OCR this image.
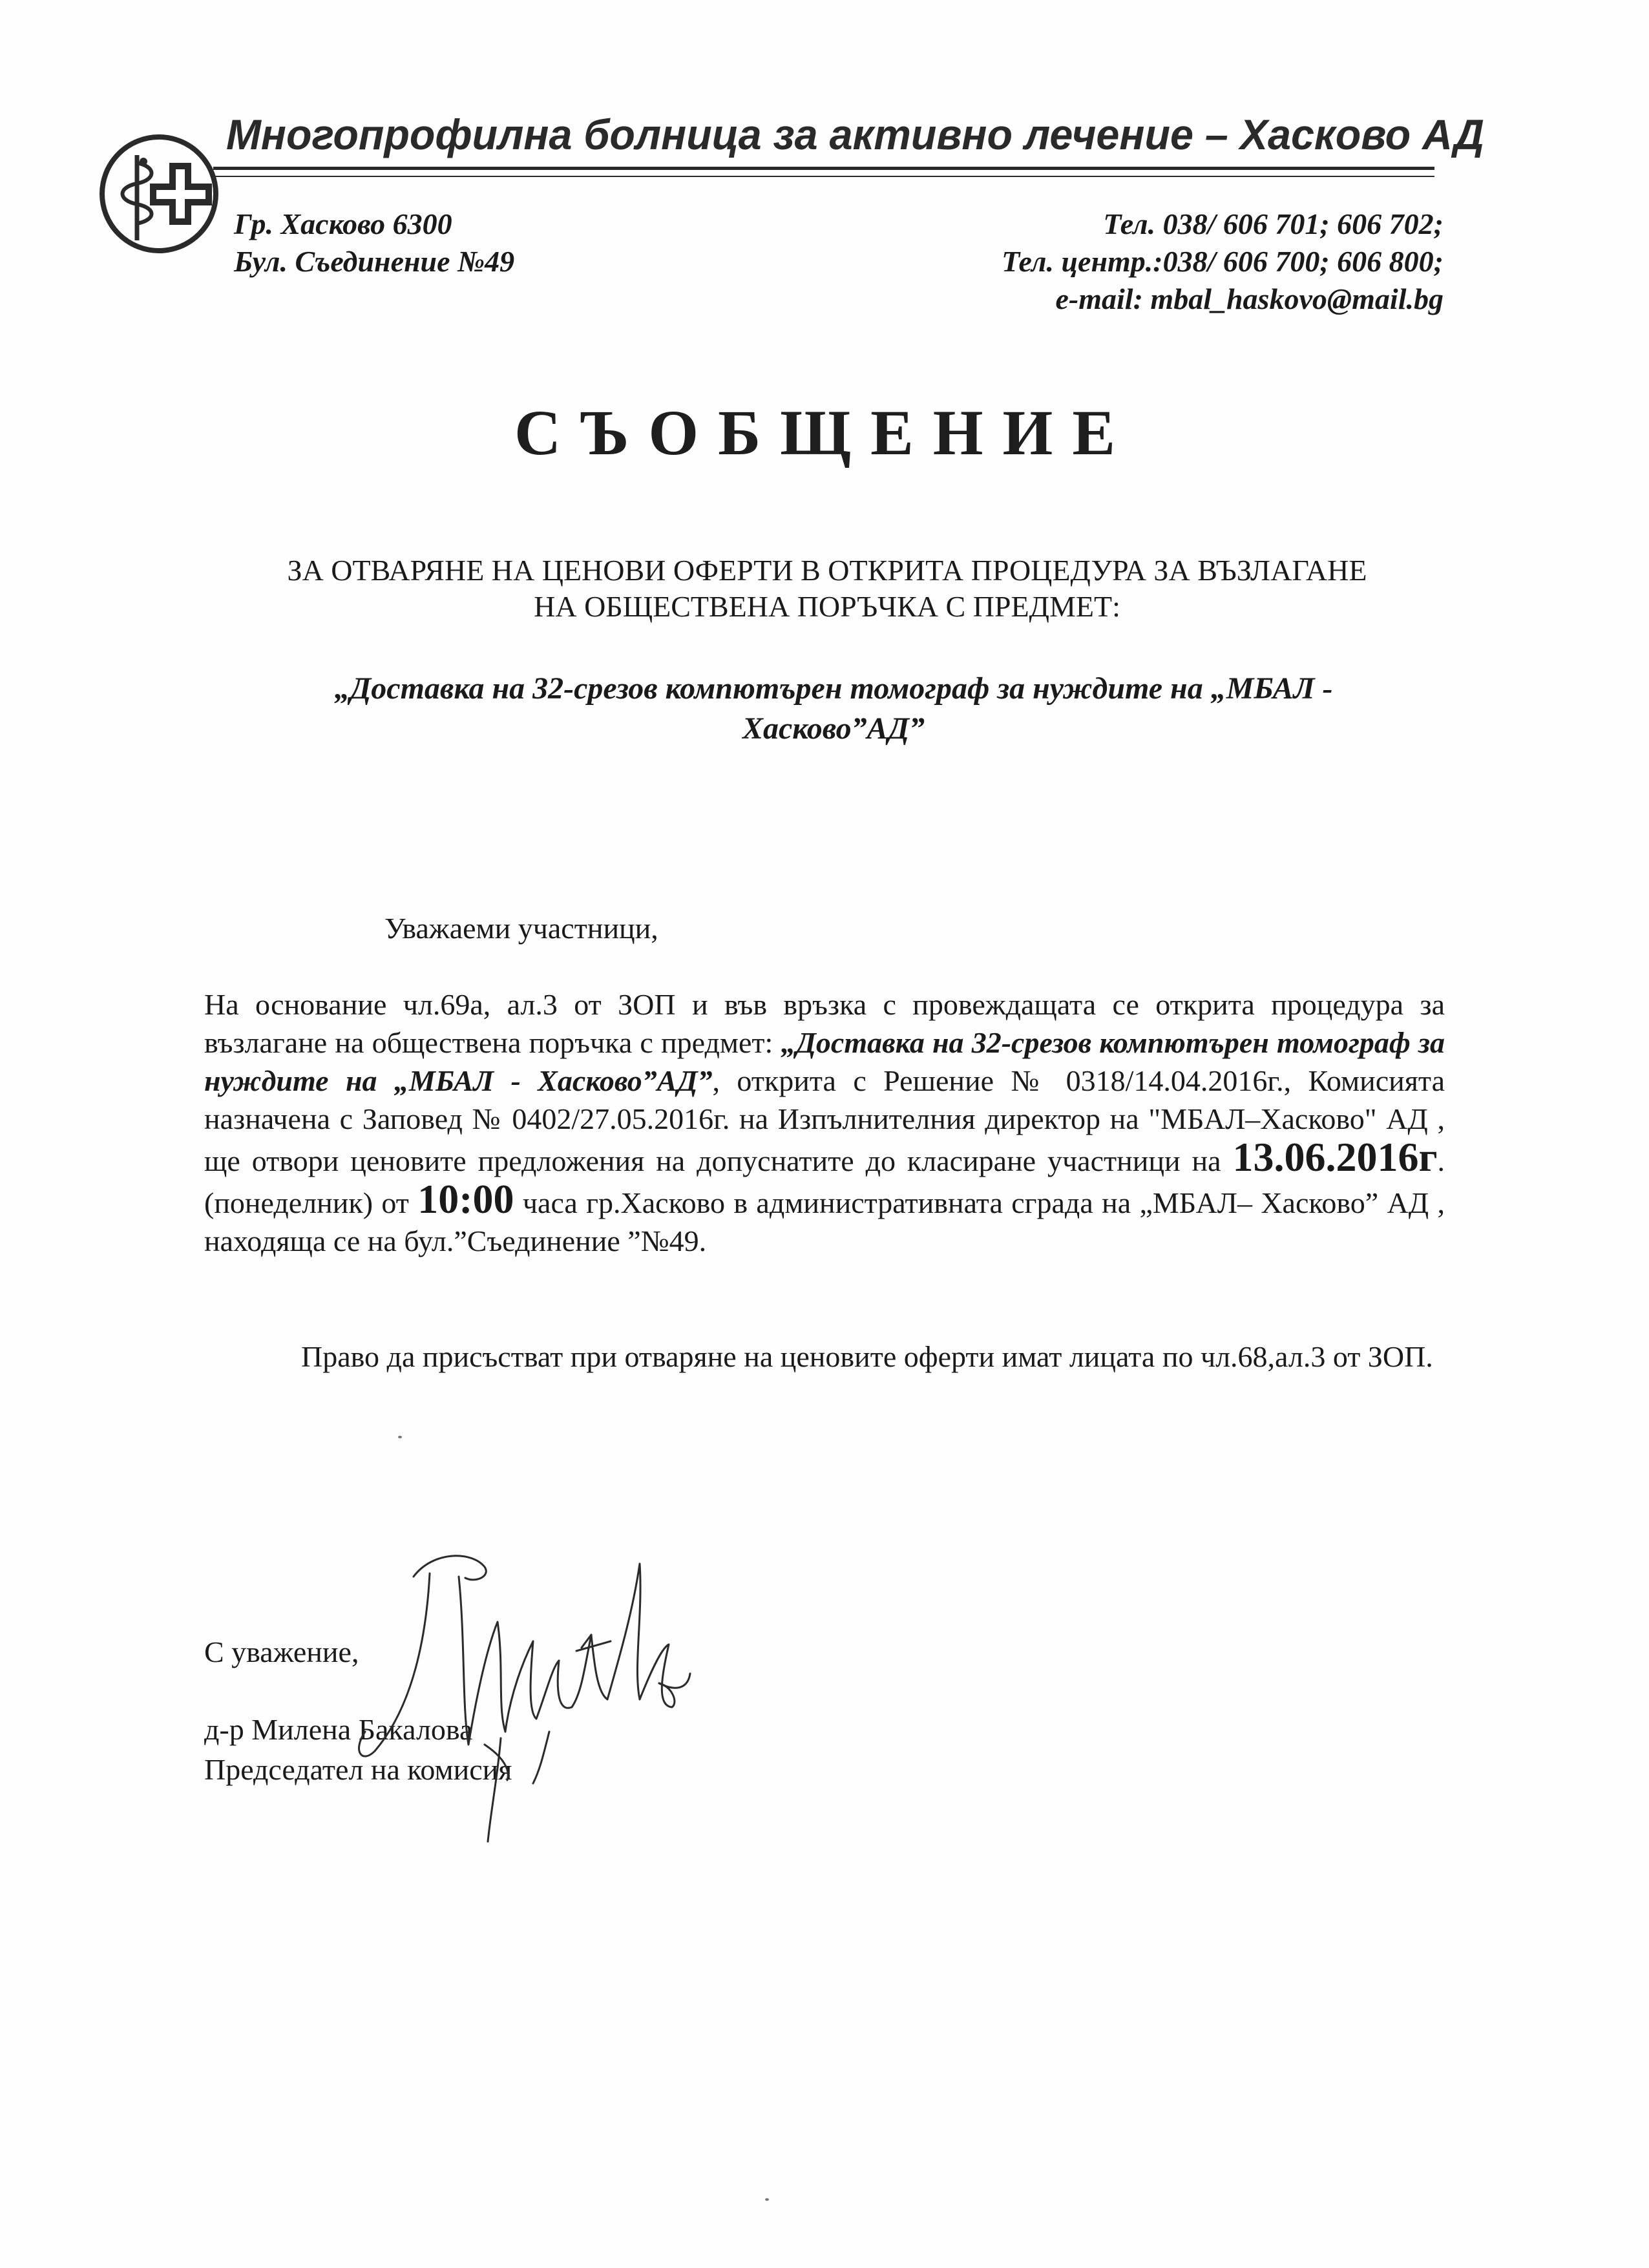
Многопрофилна болница за активно лечение – Хасково АД
Гр. Хасково 6300
Бул. Съединение №49
Тел. 038/ 606 701; 606 702;
Тел. центр.:038/ 606 700; 606 800;
e-mail: mbal_haskovo@mail.bg
СЪОБЩЕНИЕ
ЗА ОТВАРЯНЕ НА ЦЕНОВИ ОФЕРТИ В ОТКРИТА ПРОЦЕДУРА ЗА ВЪЗЛАГАНЕ
НА ОБЩЕСТВЕНА ПОРЪЧКА С ПРЕДМЕТ:
„Доставка на 32-срезов компютърен томограф за нуждите на „МБАЛ -
Хасково”АД”
Уважаеми участници,
На основание чл.69а, ал.3 от ЗОП и във връзка с провеждащата се открита процедура за възлагане на обществена поръчка с предмет: „Доставка на 32-срезов компютърен томограф за нуждите на „МБАЛ - Хасково”АД”, открита с Решение № 0318/14.04.2016г., Комисията назначена с Заповед № 0402/27.05.2016г. на Изпълнителния директор на "МБАЛ–Хасково" АД , ще отвори ценовите предложения на допуснатите до класиране участници на 13.06.2016г. (понеделник) от 10:00 часа гр.Хасково в административната сграда на „МБАЛ– Хасково” АД , находяща се на бул.”Съединение ”№49.
Право да присъстват при отваряне на ценовите оферти имат лицата по чл.68,ал.3 от ЗОП.
С уважение,
д-р Милена Бакалова
Председател на комисия
